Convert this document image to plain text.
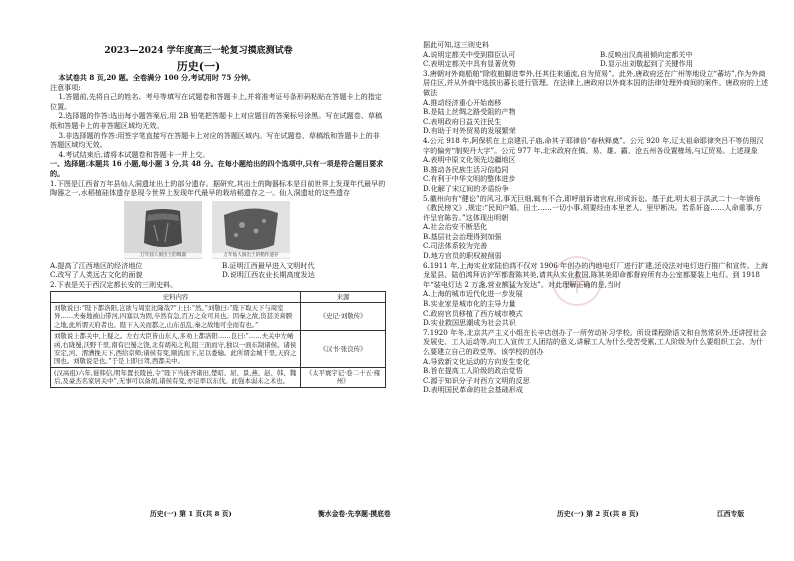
2023—2024 学年度高三一轮复习摸底测试卷
历史(一)

本试卷共 8 页,20 题。全卷满分 100 分,考试用时 75 分钟。

注意事项:

1.答题前,先将自己的姓名、考号等填写在试题卷和答题卡上,并将准考证号条形码粘贴在答题卡上的指定位置。

2.选择题的作答:选出每小题答案后,用 2B 铅笔把答题卡上对应题目的答案标号涂黑。写在试题卷、草稿纸和答题卡上的非答题区域均无效。

3.非选择题的作答:用签字笔直接写在答题卡上对应的答题区域内。写在试题卷、草稿纸和答题卡上的非答题区域均无效。

4.考试结束后,请将本试题卷和答题卡一并上交。

一、选择题:本题共 16 小题,每小题 3 分,共 48 分。在每小题给出的四个选项中,只有一项是符合题目要求的。

1.下图是江西省万年县仙人洞遗址出土的部分遗存。据研究,其出土的陶器标本是目前世界上发现年代最早的陶器之一,水稻植硅体遗存是现今世界上发现年代最早的栽培稻遗存之一。仙人洞遗址的这些遗存

万年仙人洞出土的陶器	万年仙人洞出土的稻作遗存

A.提高了江西地区的经济地位	B.证明江西最早进入文明时代

C.改写了人类远古文化的面貌	D.说明江西农业长期高度发达

2.下表是关于西汉定都长安的三则史料。

史料内容	来源
刘敬说曰:“陛下都洛阳,岂欲与周室比隆哉?”上曰:“然。”刘敬曰:“陛下取天下与周室异……夫秦地被山带河,四塞以为固,卒然有急,百万之众可具也。因秦之故,资甚美膏腴之地,此所谓天府者也。陛下入关而都之,山东虽乱,秦之故地可全而有也。”	《史记·刘敬传》
刘敬说上都关中,上疑之。左右大臣皆山东人,多劝上都洛阳……良曰:“……夫关中左崤函,右陇蜀,沃野千里,南有巴蜀之饶,北有胡苑之利,阻三面而守,独以一面东制诸侯。诸侯安定,河、渭漕挽天下,西给京师;诸侯有变,顺流而下,足以委输。此所谓金城千里,天府之国也。刘敬说是也。”于是上即日驾,西都关中。	《汉书·张良传》
(汉高祖)六年,徙韩信,明年置长陵邑,令“陛下当徙齐诸田,楚昭、屈、景,燕、赵、韩、魏后,及豪杰名家居关中”,无事可以备胡,诸侯有变,亦足率以东伐。此强本弱末之术也。	《太平寰宇记·卷二十五·雍州》
历史(一) 第 1 页(共 8 页)	衡水金卷·先享题·摸底卷

据此可知,这三则史料

A.说明定都关中受到群臣认可	B.反映出汉高祖倾向定都关中

C.表明定都关中具有显著优势	D.显示出刘敬起到了关键作用

3.唐朝对外商船舶“除收舶脚进奉外,任其往来通流,自为贸易”。此外,唐政府还在广州等地设立“蕃坊”,作为外商居住区,并从外商中选拔出蕃长进行管理。在法律上,唐政府以外商本国的法律处理外商间的案件。唐政府的上述做法

A.推动经济重心开始南移

B.是陆上丝绸之路受阻的产物

C.表明政府日益关注民生

D.有助于对外贸易的发展繁荣

4.公元 918 年,阿保机在上京建孔子庙,命其子耶律倍“春秋释奠”。公元 920 年,辽太祖命耶律突吕不等仿照汉字的偏旁“制契丹大字”。公元 977 年,北宋政府在镇、易、雄、霸、沧五州各设置榷场,与辽贸易。上述现象

A.表明中原文化领先边疆地区

B.推动各民族生活习俗趋同

C.有利于中华文明的整体进步

D.化解了宋辽间的矛盾纷争

5.徽州向有“健讼”的风习,事无巨细,辄有不合,即呼朋诉诸官府,形成诉讼。基于此,明太祖于洪武二十一年颁布《教民榜文》,规定:“民间户婚、田土……一切小事,须要经由本里老人、里甲断决。若系奸盗……人命重事,方许呈官陈告。”这体现出明朝

A.社会治安不断恶化

B.基层社会治理得到加强

C.司法体系较为完善

D.地方官员的职权被削弱

6.1911 年,上海实业家陆伯鸿不仅对 1906 年创办的内地电灯厂进行扩建,还设法对电灯进行推广和宣传。上海龙星县、陆伯鸿拜访沪军都督陈其美,请其从实业救国,陈其美即命都督府所有办公室都要装上电灯。到 1918 年“装电灯达 2 万盏,营业额猛为发达”。对此理解正确的是,当时

A.上海的城市近代化进一步发展

B.实业家是城市化的主导力量

C.政府官员移植了西方城市模式

D.实业救国思潮成为社会共识

7.1920 年冬,北京共产主义小组在长辛店创办了一所劳动补习学校。所设课程除语文和自然常识外,还讲授社会发展史、工人运动等,向工人宣传工人团结的意义,讲解工人为什么受苦受累,工人阶级为什么要组织工会、为什么要建立自己的政党等。该学校的创办

A.导致新文化运动的方向发生变化

B.旨在提高工人阶级的政治觉悟

C.源于知识分子对西方文明的反思

D.表明国民革命的社会基础形成

历史(一) 第 2 页(共 8 页)	江西专版
